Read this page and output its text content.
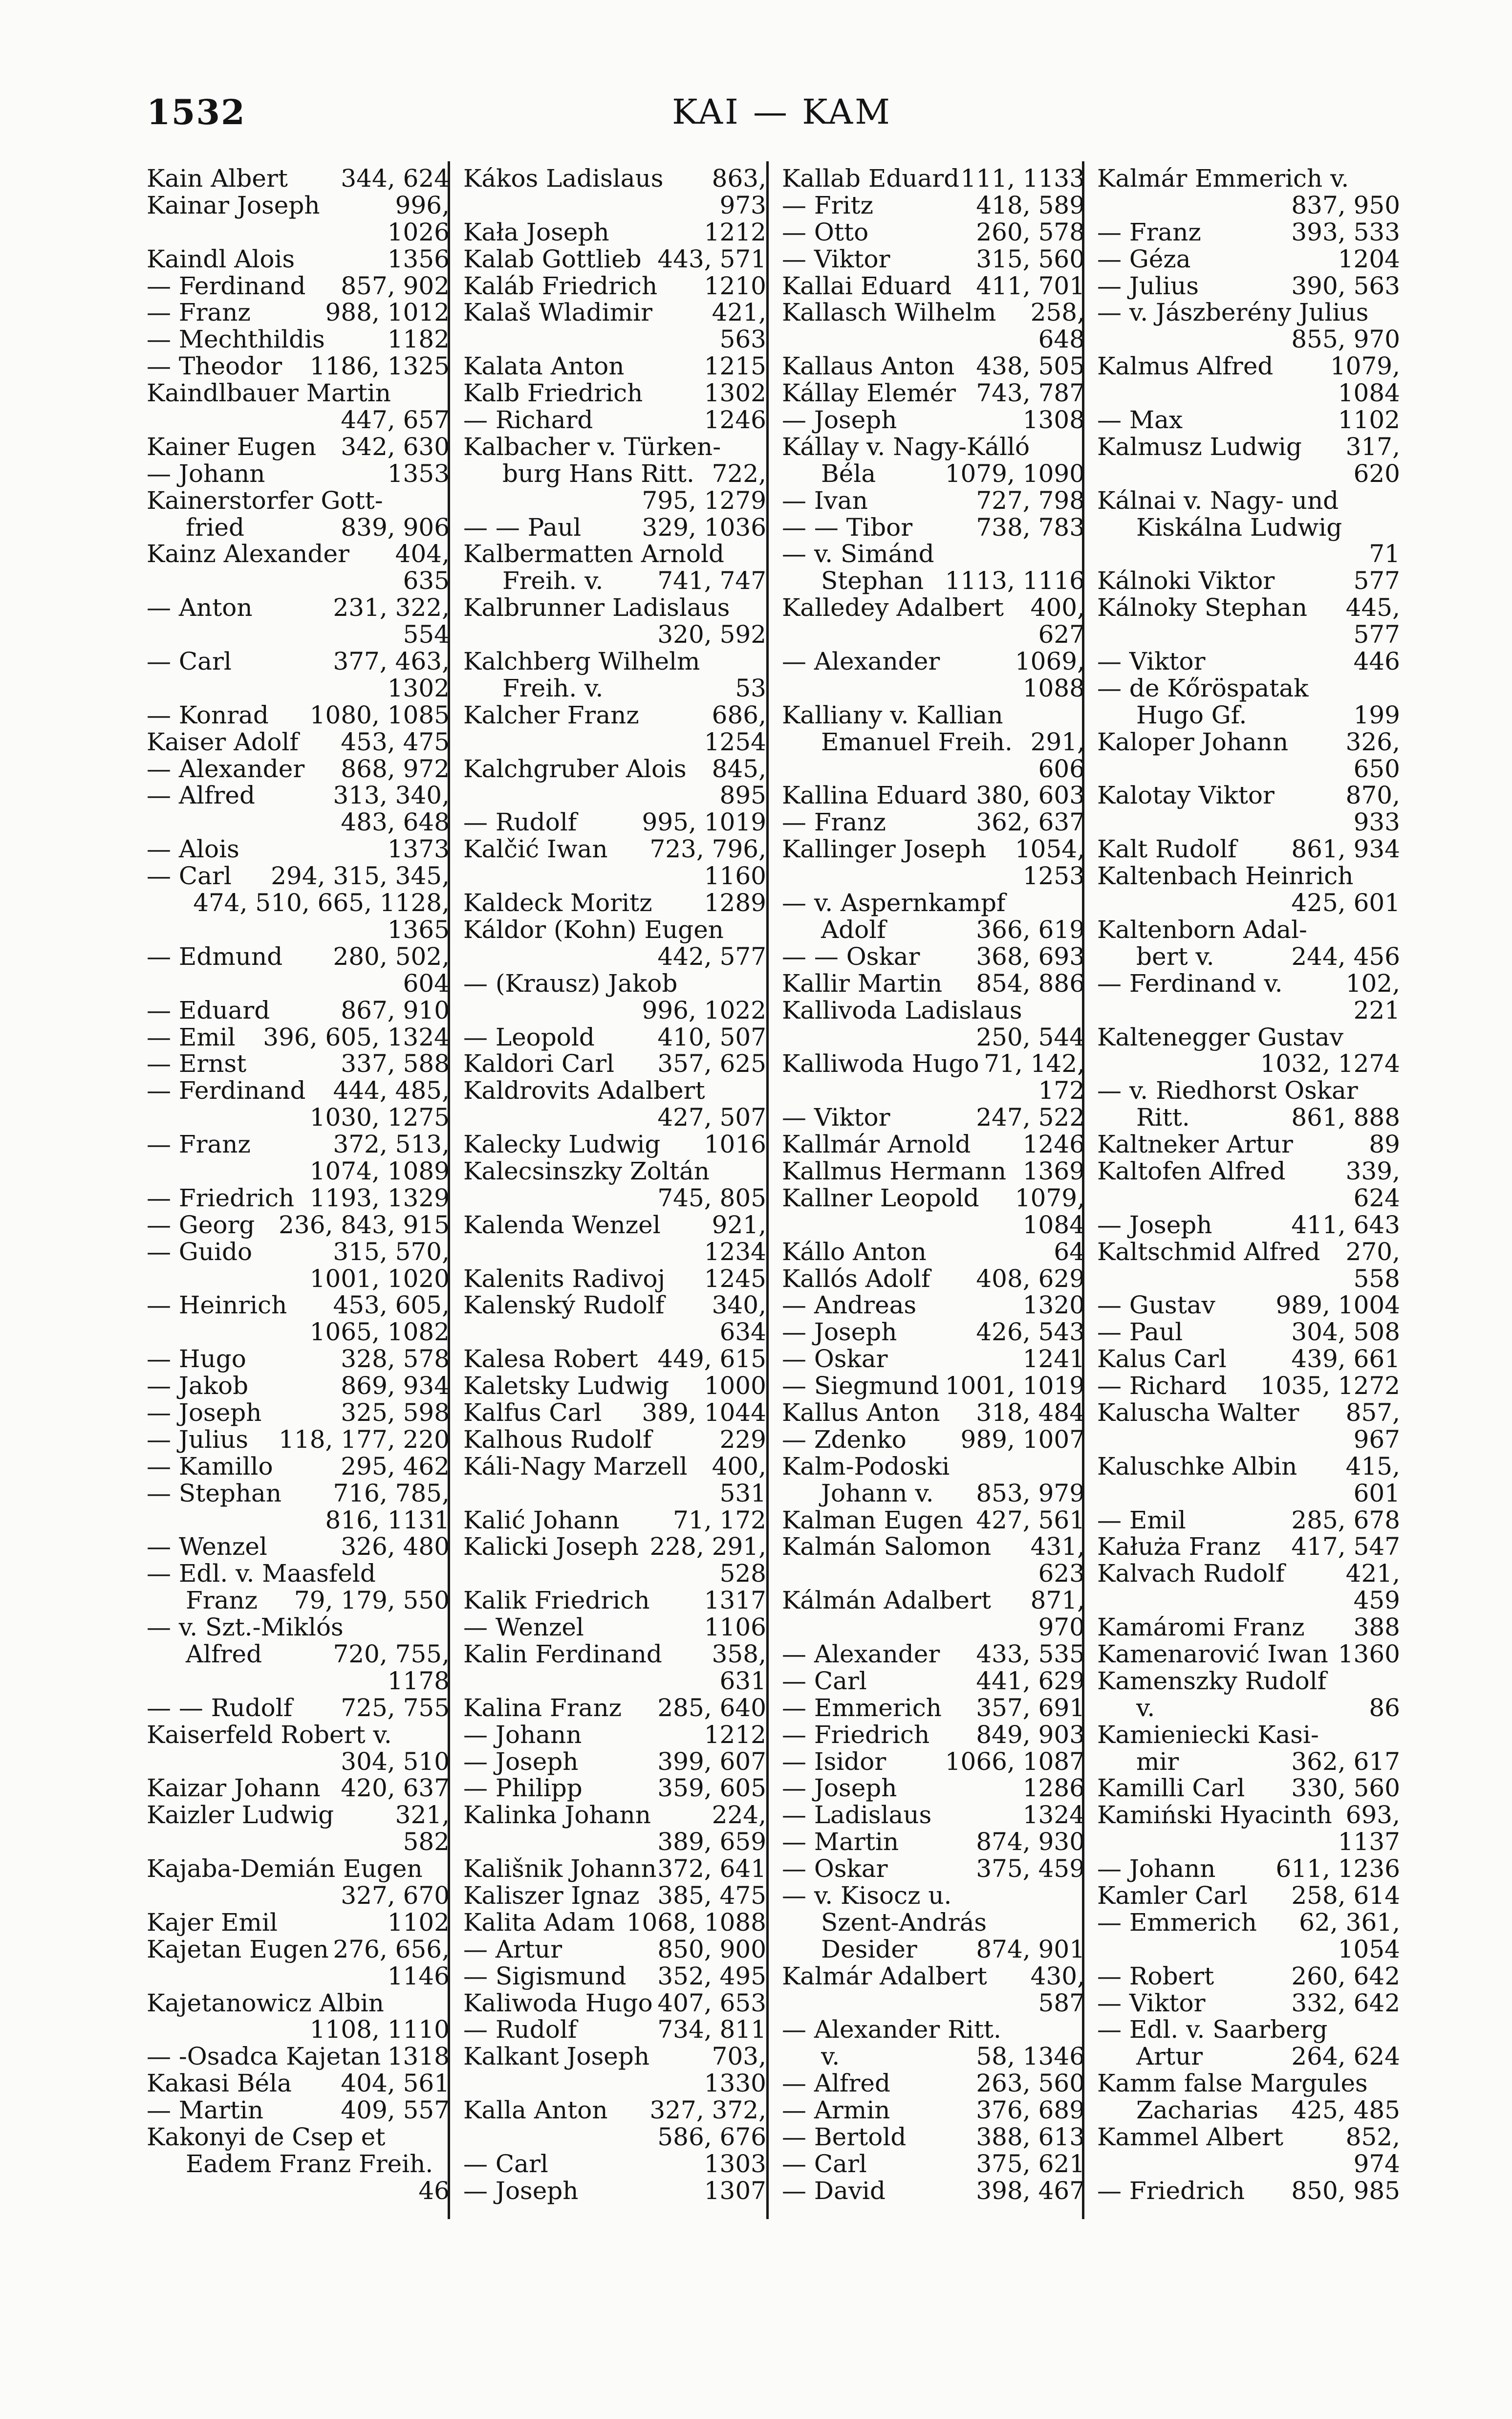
1532	KAI — KAM
Kain Albert 344, 624
Kainar Joseph	996,
1026
Kaindl Alois	1356
— Ferdinand 857, 902
— Franz	988, 1012
— Mechthildis	1182
— Theodor 1186, 1325
Kaindlbauer Martin
447, 657
Kainer Eugen 342, 630
— Johann	1353
Kainerstorfer Gott-
fried	839, 906
Kainz Alexander 404,
635
— Anton	231, 322,
554
— Carl	377, 463,
1302
— Konrad 1080, 1085
Kaiser Adolf 453, 475
— Alexander 868, 972
— Alfred	313, 340,
483, 648
— Alois	1373
— Carl 294, 315, 345,
474, 510, 665, 1128,
1365
— Edmund 280, 502,
604
— Eduard	867, 910
— Emil 396, 605, 1324
— Ernst	337, 588
— Ferdinand 444, 485,
1030, 1275
— Franz	372, 513,
1074, 1089
— Friedrich 1193, 1329
— Georg 236, 843, 915
— Guido	315, 570,
1001, 1020
— Heinrich 453, 605,
1065, 1082
— Hugo	328, 578
— Jakob	869, 934
— Joseph	325, 598
— Julius 118, 177, 220
— Kamillo	295, 462
— Stephan 716, 785,
816, 1131
— Wenzel	326, 480
— Edl. v. Maasfeld
Franz 79, 179, 550
— v. Szt.-Miklós
Alfred	720, 755,
1178
— — Rudolf 725, 755
Kaiserfeld Robert v.
304, 510
Kaizar Johann 420, 637
Kaizler Ludwig	321,
582
Kajaba-Demián Eugen
327, 670
Kajer Emil	1102
Kajetan Eugen 276, 656,
1146
Kajetanowicz Albin
1108, 1110
— -Osadca Kajetan 1318
Kakasi Béla 404, 561
— Martin	409, 557
Kakonyi de Csep et
Eadem Franz Freih.
46
Kákos Ladislaus 863,
973
Kała Joseph	1212
Kalab Gottlieb 443, 571
Kaláb Friedrich 1210
Kalaš Wladimir 421,
563
Kalata Anton	1215
Kalb Friedrich	1302
— Richard	1246
Kalbacher v. Türken-
burg Hans Ritt. 722,
795, 1279
— — Paul 329, 1036
Kalbermatten Arnold
Freih. v. 741, 747
Kalbrunner Ladislaus
320, 592
Kalchberg Wilhelm
Freih. v.	53
Kalcher Franz	686,
1254
Kalchgruber Alois 845,
895
— Rudolf	995, 1019
Kalčić Iwan 723, 796,
1160
Kaldeck Moritz 1289
Káldor (Kohn) Eugen
442, 577
— (Krausz) Jakob
996, 1022
— Leopold	410, 507
Kaldori Carl 357, 625
Kaldrovits Adalbert
427, 507
Kalecky Ludwig 1016
Kalecsinszky Zoltán
745, 805
Kalenda Wenzel 921,
1234
Kalenits Radivoj 1245
Kalenský Rudolf 340,
634
Kalesa Robert 449, 615
Kaletsky Ludwig 1000
Kalfus Carl 389, 1044
Kalhous Rudolf	229
Káli-Nagy Marzell 400,
531
Kalić Johann 71, 172
Kalicki Joseph 228, 291,
528
Kalik Friedrich 1317
— Wenzel	1106
Kalin Ferdinand 358,
631
Kalina Franz 285, 640
— Johann	1212
— Joseph	399, 607
— Philipp	359, 605
Kalinka Johann 224,
389, 659
Kališnik Johann 372, 641
Kaliszer Ignaz 385, 475
Kalita Adam 1068, 1088
— Artur	850, 900
— Sigismund 352, 495
Kaliwoda Hugo 407, 653
— Rudolf	734, 811
Kalkant Joseph	703,
1330
Kalla Anton 327, 372,
586, 676
— Carl	1303
— Joseph	1307
Kallab Eduard 111, 1133
— Fritz	418, 589
— Otto	260, 578
— Viktor	315, 560
Kallai Eduard 411, 701
Kallasch Wilhelm 258,
648
Kallaus Anton 438, 505
Kállay Elemér 743, 787
— Joseph	1308
Kállay v. Nagy-Kálló
Béla	1079, 1090
— Ivan	727, 798
— — Tibor	738, 783
— v. Simánd
Stephan 1113, 1116
Kalledey Adalbert 400,
627
— Alexander	1069,
1088
Kalliany v. Kallian
Emanuel Freih. 291,
606
Kallina Eduard 380, 603
— Franz	362, 637
Kallinger Joseph 1054,
1253
— v. Aspernkampf
Adolf	366, 619
— — Oskar 368, 693
Kallir Martin 854, 886
Kallivoda Ladislaus
250, 544
Kalliwoda Hugo 71, 142,
172
— Viktor	247, 522
Kallmár Arnold 1246
Kallmus Hermann 1369
Kallner Leopold 1079,
1084
Kállo Anton	64
Kallós Adolf 408, 629
— Andreas	1320
— Joseph	426, 543
— Oskar	1241
— Siegmund 1001, 1019
Kallus Anton 318, 484
— Zdenko 989, 1007
Kalm-Podoski
Johann v. 853, 979
Kalman Eugen 427, 561
Kalmán Salomon 431,
623
Kálmán Adalbert 871,
970
— Alexander 433, 535
— Carl	441, 629
— Emmerich 357, 691
— Friedrich 849, 903
— Isidor 1066, 1087
— Joseph	1286
— Ladislaus	1324
— Martin	874, 930
— Oskar	375, 459
— v. Kisocz u.
Szent-András
Desider 874, 901
Kalmár Adalbert 430,
587
— Alexander Ritt.
v.	58, 1346
— Alfred	263, 560
— Armin	376, 689
— Bertold	388, 613
— Carl	375, 621
— David	398, 467
Kalmár Emmerich v.
837, 950
— Franz	393, 533
— Géza	1204
— Julius	390, 563
— v. Jászberény Julius
855, 970
Kalmus Alfred 1079,
1084
— Max	1102
Kalmusz Ludwig 317,
620
Kálnai v. Nagy- und
Kiskálna Ludwig
71
Kálnoki Viktor	577
Kálnoky Stephan 445,
577
— Viktor	446
— de Kőröspatak
Hugo Gf.	199
Kaloper Johann 326,
650
Kalotay Viktor	870,
933
Kalt Rudolf 861, 934
Kaltenbach Heinrich
425, 601
Kaltenborn Adal-
bert v.	244, 456
— Ferdinand v.	102,
221
Kaltenegger Gustav
1032, 1274
— v. Riedhorst Oskar
Ritt.	861, 888
Kaltneker Artur	89
Kaltofen Alfred 339,
624
— Joseph	411, 643
Kaltschmid Alfred 270,
558
— Gustav 989, 1004
— Paul	304, 508
Kalus Carl	439, 661
— Richard 1035, 1272
Kaluscha Walter 857,
967
Kaluschke Albin 415,
601
— Emil	285, 678
Kałuża Franz 417, 547
Kalvach Rudolf 421,
459
Kamáromi Franz 388
Kamenarović Iwan 1360
Kamenszky Rudolf
v.	86
Kamieniecki Kasi-
mir	362, 617
Kamilli Carl 330, 560
Kamiński Hyacinth 693,
1137
— Johann 611, 1236
Kamler Carl 258, 614
— Emmerich 62, 361,
1054
— Robert	260, 642
— Viktor	332, 642
— Edl. v. Saarberg
Artur	264, 624
Kamm false Margules
Zacharias 425, 485
Kammel Albert	852,
974
— Friedrich 850, 985
